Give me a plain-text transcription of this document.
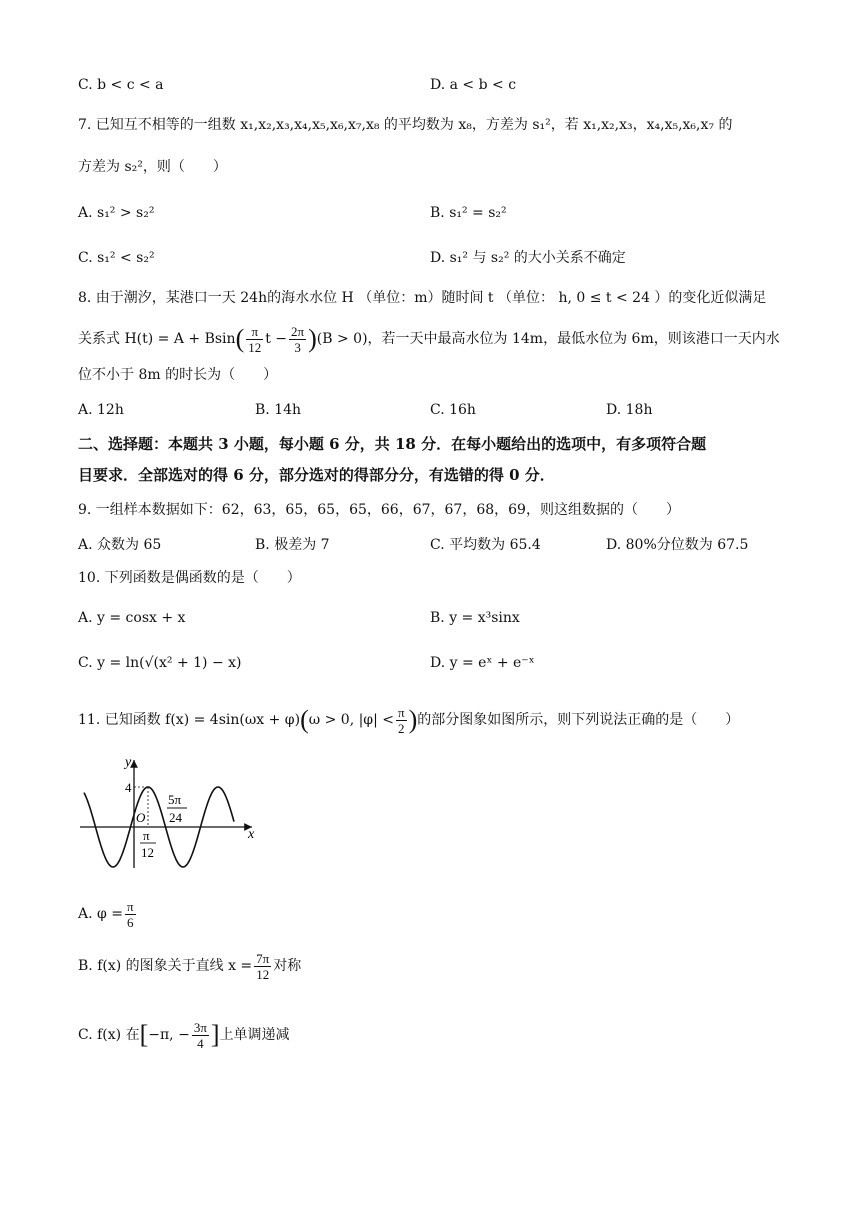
C. b < c < a	D. a < b < c
7. 已知互不相等的一组数 x₁,x₂,x₃,x₄,x₅,x₆,x₇,x₈ 的平均数为 x₈，方差为 s₁²，若 x₁,x₂,x₃，x₄,x₅,x₆,x₇ 的
方差为 s₂²，则（　　）
A. s₁² > s₂²	B. s₁² = s₂²
C. s₁² < s₂²	D. s₁² 与 s₂² 的大小关系不确定
8. 由于潮汐，某港口一天 24h的海水水位 H （单位：m）随时间 t （单位： h, 0 ≤ t < 24 ）的变化近似满足
关系式 $H(t) = A + Bsin( \frac{\pi}{12}$ $t - \frac{2\pi}{3} )(B > 0)$，若一天中最高水位为 14m，最低水位为 6m，则该港口一天内水
位不小于 8m 的时长为（　　）
A. 12h	B. 14h	C. 16h	D. 18h
二、选择题：本题共 3 小题，每小题 6 分，共 18 分．在每小题给出的选项中，有多项符合题
目要求．全部选对的得 6 分，部分选对的得部分分，有选错的得 0 分．
9. 一组样本数据如下：62，63，65，65，65，66，67，67，68，69，则这组数据的（　　）
A. 众数为 65	B. 极差为 7	C. 平均数为 65.4	D. 80%分位数为 67.5
10. 下列函数是偶函数的是（　　）
A. y = cosx + x	B. y = x³sinx
C. y = ln(√(x² + 1) − x)	D. y = eˣ + e⁻ˣ
11. 已知函数 f(x) = 4sin(ωx + φ)(ω > 0, $|\varphi| < \frac{\pi}{2}$ )的部分图象如图所示，则下列说法正确的是（　　）
y
x
4
O
5π
24
π
12
A. $\varphi = \frac{\pi}{6}$
B. f(x) 的图象关于直线 $x = \frac{7\pi}{12}$ 对称
C. f(x) 在[−π, − $\frac{3\pi}{4}$ ]上单调递减
